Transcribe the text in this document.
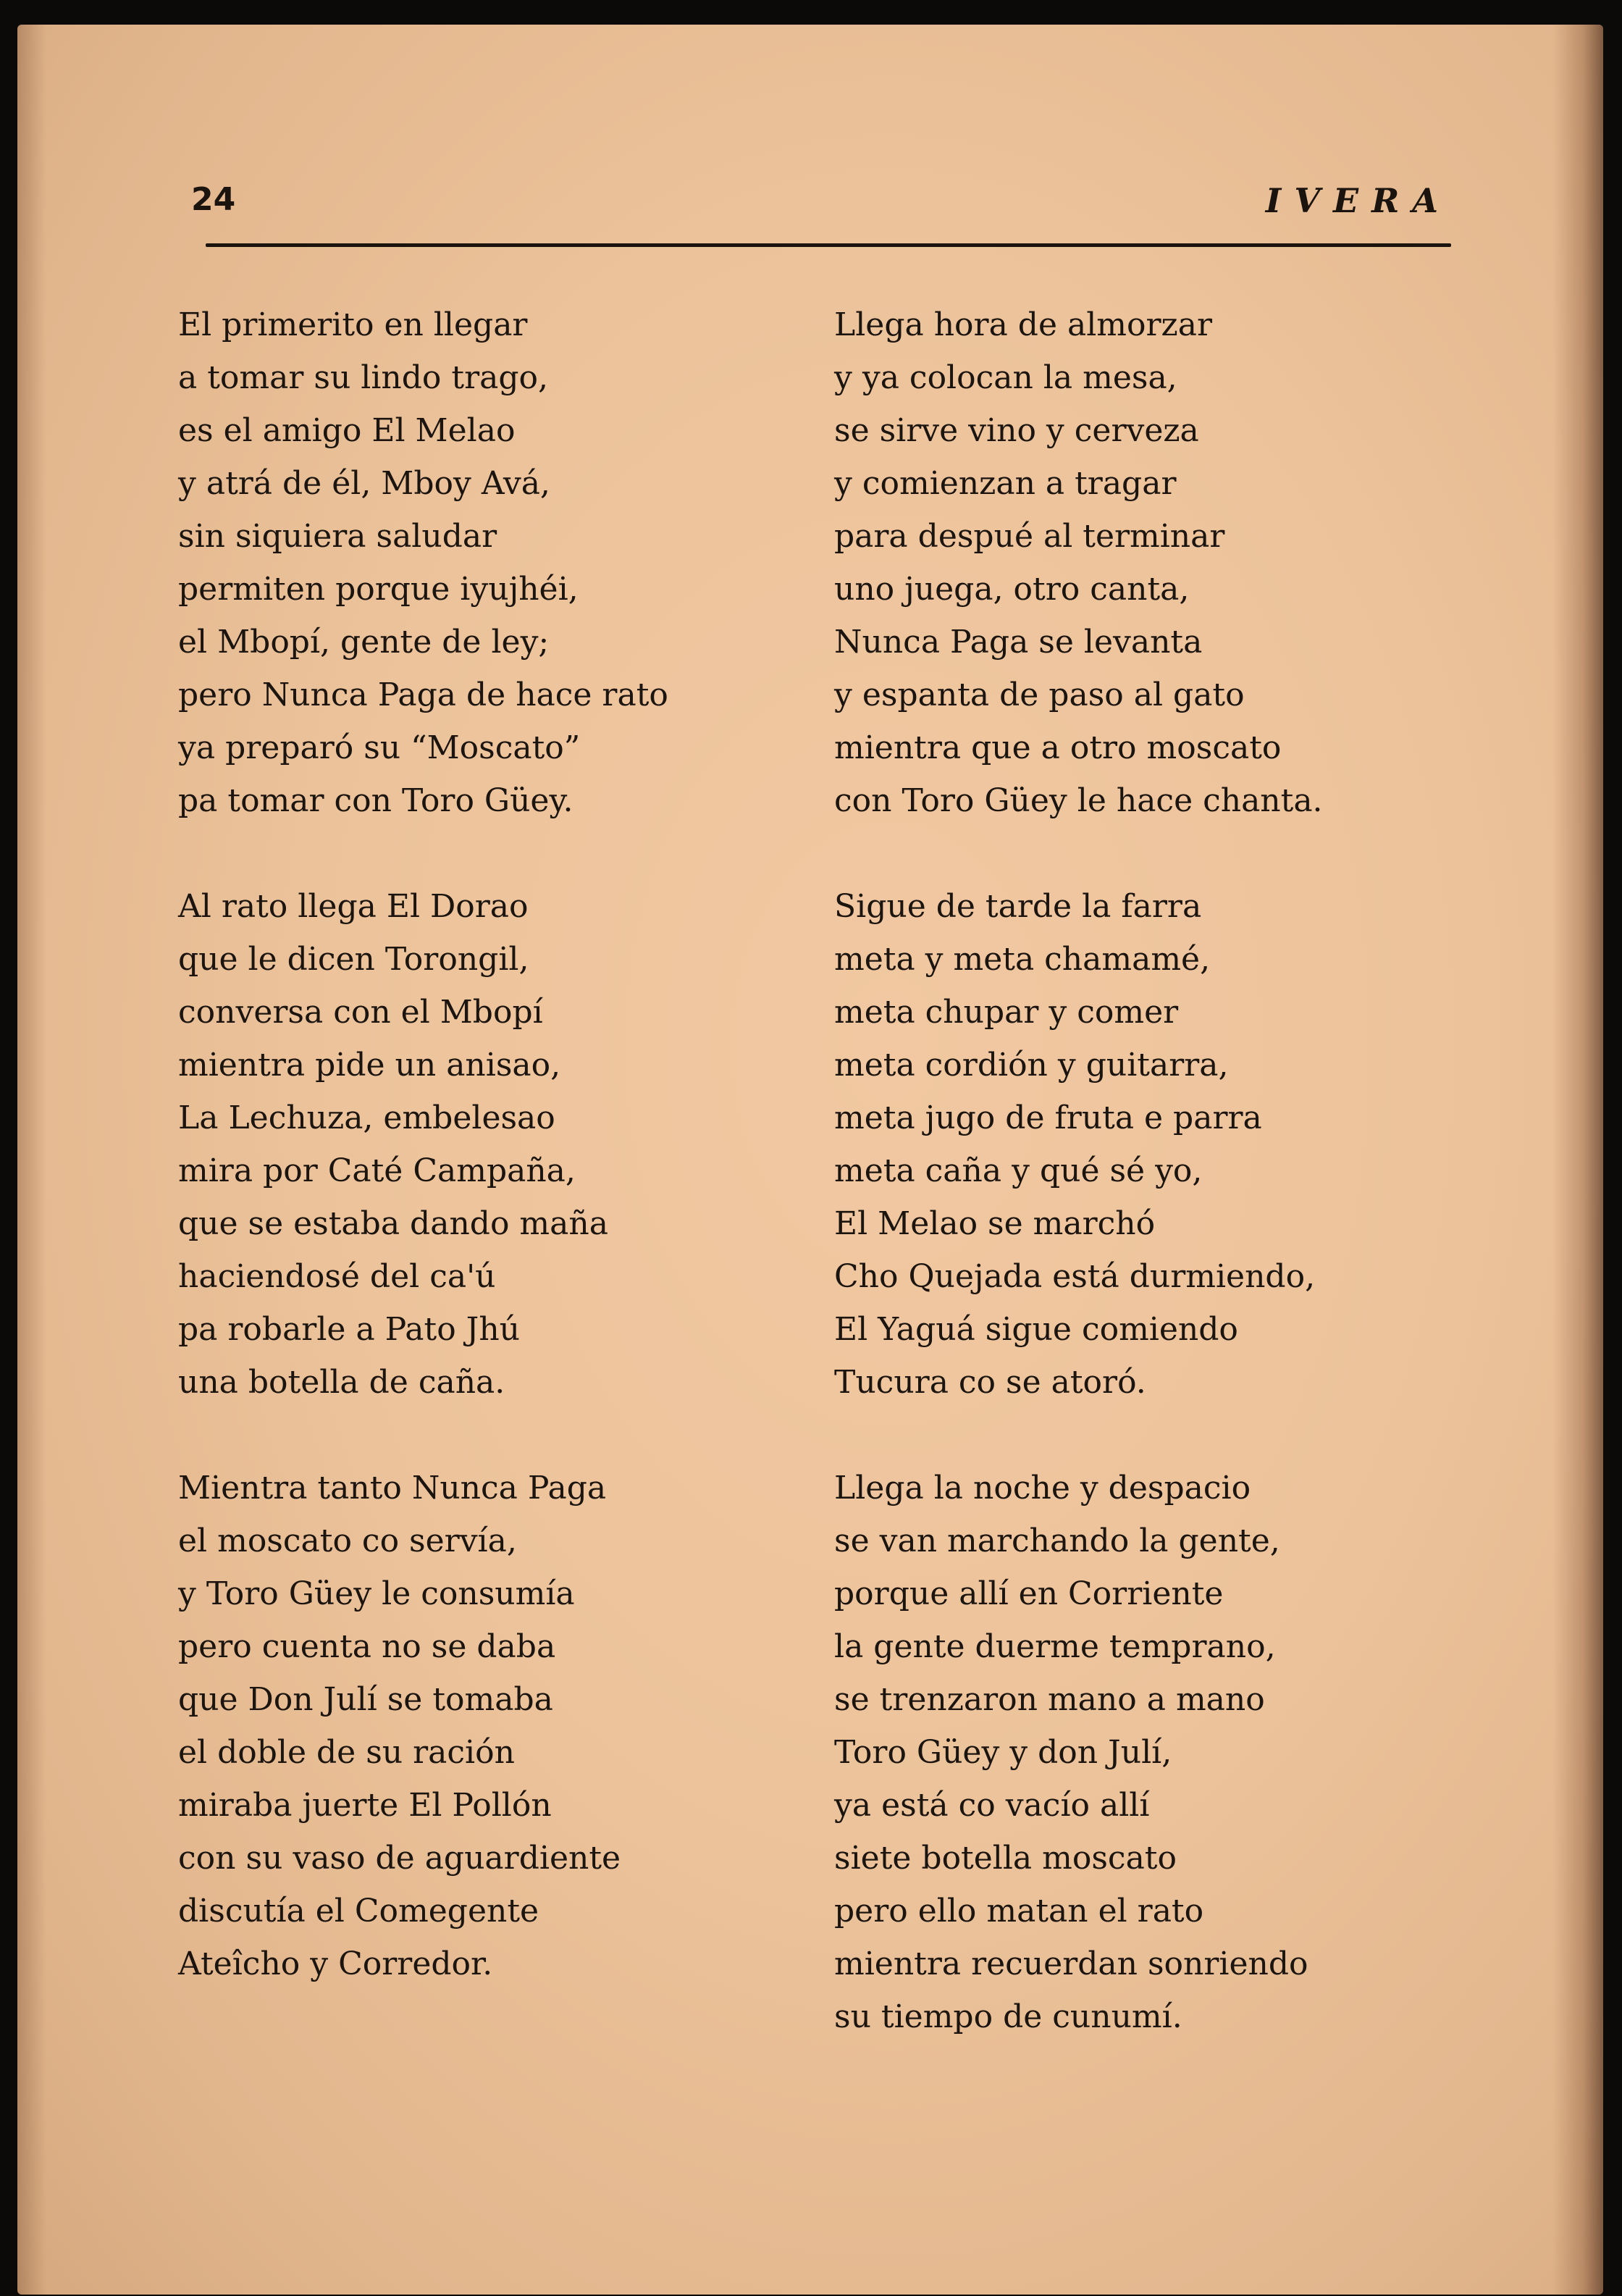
24	IVERA
El primerito en llegar
a tomar su lindo trago,
es el amigo El Melao
y atrá de él, Mboy Avá,
sin siquiera saludar
permiten porque iyujhéi,
el Mbopí, gente de ley;
pero Nunca Paga de hace rato
ya preparó su “Moscato”
pa tomar con Toro Güey.
Al rato llega El Dorao
que le dicen Torongil,
conversa con el Mbopí
mientra pide un anisao,
La Lechuza, embelesao
mira por Caté Campaña,
que se estaba dando maña
haciendosé del ca'ú
pa robarle a Pato Jhú
una botella de caña.
Mientra tanto Nunca Paga
el moscato co servía,
y Toro Güey le consumía
pero cuenta no se daba
que Don Julí se tomaba
el doble de su ración
miraba juerte El Pollón
con su vaso de aguardiente
discutía el Comegente
Ateîcho y Corredor.
Llega hora de almorzar
y ya colocan la mesa,
se sirve vino y cerveza
y comienzan a tragar
para despué al terminar
uno juega, otro canta,
Nunca Paga se levanta
y espanta de paso al gato
mientra que a otro moscato
con Toro Güey le hace chanta.
Sigue de tarde la farra
meta y meta chamamé,
meta chupar y comer
meta cordión y guitarra,
meta jugo de fruta e parra
meta caña y qué sé yo,
El Melao se marchó
Cho Quejada está durmiendo,
El Yaguá sigue comiendo
Tucura co se atoró.
Llega la noche y despacio
se van marchando la gente,
porque allí en Corriente
la gente duerme temprano,
se trenzaron mano a mano
Toro Güey y don Julí,
ya está co vacío allí
siete botella moscato
pero ello matan el rato
mientra recuerdan sonriendo
su tiempo de cunumí.
